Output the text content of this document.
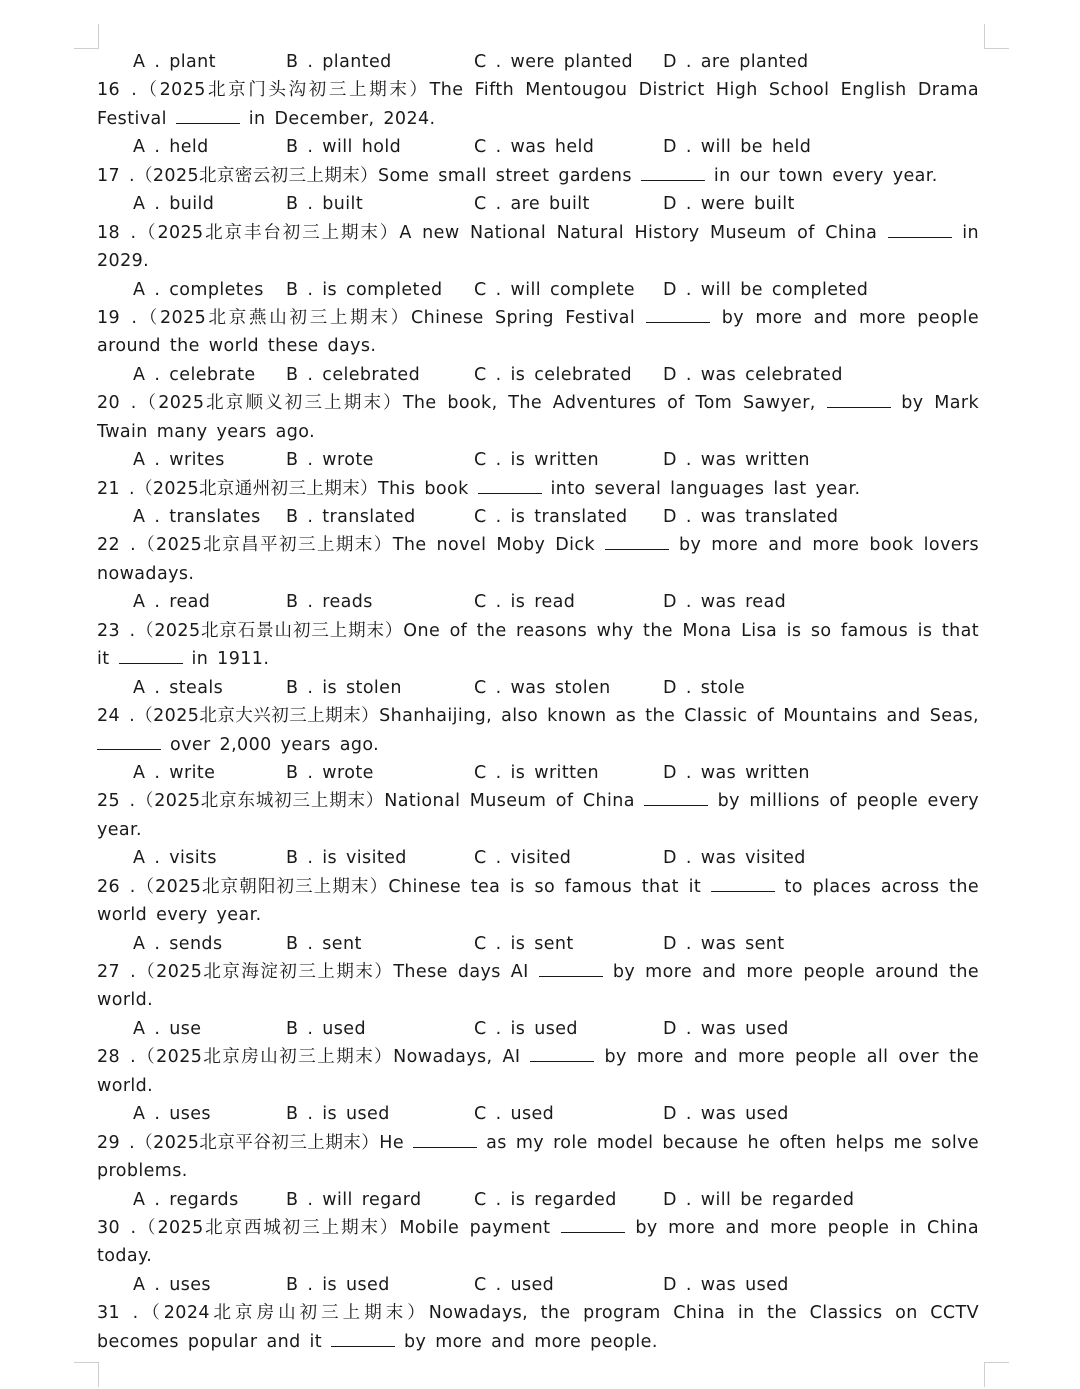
A . plant	B . planted	C . were planted D . are planted
16 .（2025北京门头沟初三上期末）The Fifth Mentougou District High School English Drama
Festival	in December, 2024.
A . held	B . will hold	C . was held	D . will be held
17 .（2025北京密云初三上期末）Some small street gardens	in our town every year.
A . build	B . built	C . are built	D . were built
18 .（2025北京丰台初三上期末）A new National Natural History Museum of China	in
2029.
A . completes B . is completed C . will complete D . will be completed
19 .（2025北京燕山初三上期末）Chinese Spring Festival	by more and more people
around the world these days.
A . celebrate B . celebrated	C . is celebrated D . was celebrated
20 .（2025北京顺义初三上期末）The book, The Adventures of Tom Sawyer,	by Mark
Twain many years ago.
A . writes	B . wrote	C . is written	D . was written
21 .（2025北京通州初三上期末）This book	into several languages last year.
A . translates B . translated	C . is translated D . was translated
22 .（2025北京昌平初三上期末）The novel Moby Dick	by more and more book lovers
nowadays.
A . read	B . reads	C . is read	D . was read
23 .（2025北京石景山初三上期末）One of the reasons why the Mona Lisa is so famous is that
it	in 1911.
A . steals	B . is stolen	C . was stolen	D . stole
24 .（2025北京大兴初三上期末）Shanhaijing, also known as the Classic of Mountains and Seas,
over 2,000 years ago.
A . write	B . wrote	C . is written	D . was written
25 .（2025北京东城初三上期末）National Museum of China	by millions of people every
year.
A . visits	B . is visited	C . visited	D . was visited
26 .（2025北京朝阳初三上期末）Chinese tea is so famous that it	to places across the
world every year.
A . sends	B . sent	C . is sent	D . was sent
27 .（2025北京海淀初三上期末）These days AI	by more and more people around the
world.
A . use	B . used	C . is used	D . was used
28 .（2025北京房山初三上期末）Nowadays, AI	by more and more people all over the
world.
A . uses	B . is used	C . used	D . was used
29 .（2025北京平谷初三上期末）He	as my role model because he often helps me solve
problems.
A . regards	B . will regard	C . is regarded	D . will be regarded
30 .（2025北京西城初三上期末）Mobile payment	by more and more people in China
today.
A . uses	B . is used	C . used	D . was used
31 .（2024北京房山初三上期末）Nowadays, the program China in the Classics on CCTV
becomes popular and it	by more and more people.
